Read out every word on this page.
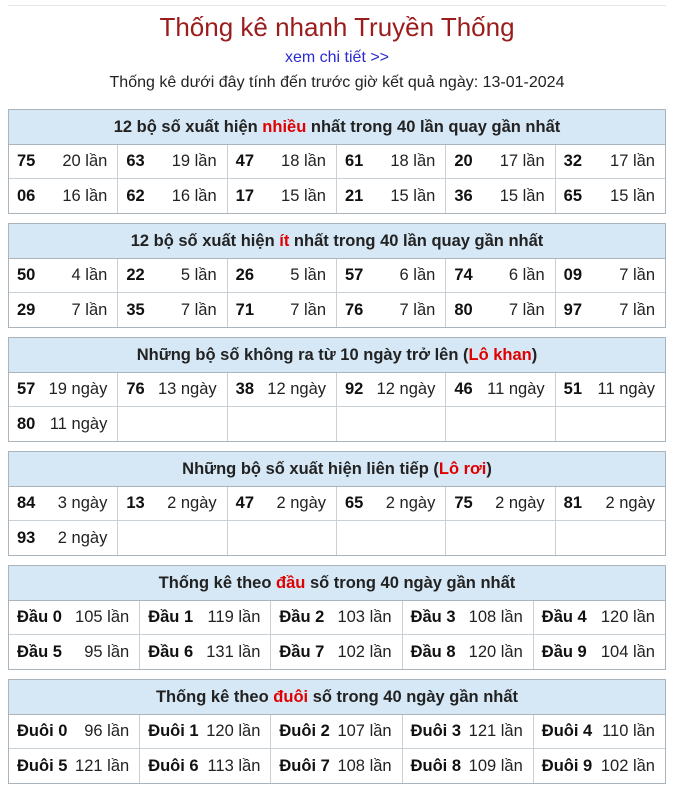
Thống kê nhanh Truyền Thống
xem chi tiết >>
Thống kê dưới đây tính đến trước giờ kết quả ngày: 13-01-2024
12 bộ số xuất hiện nhiều nhất trong 40 lần quay gần nhất
75 20 lần 63 19 lần 47 18 lần 61 18 lần 20 17 lần 32 17 lần
06 16 lần 62 16 lần 17 15 lần 21 15 lần 36 15 lần 65 15 lần
12 bộ số xuất hiện ít nhất trong 40 lần quay gần nhất
50 4 lần 22 5 lần 26 5 lần 57 6 lần 74 6 lần 09 7 lần
29 7 lần 35 7 lần 71 7 lần 76 7 lần 80 7 lần 97 7 lần
Những bộ số không ra từ 10 ngày trở lên (Lô khan)
57 19 ngày 76 13 ngày 38 12 ngày 92 12 ngày 46 11 ngày 51 11 ngày
80 11 ngày
Những bộ số xuất hiện liên tiếp (Lô rơi)
84 3 ngày 13 2 ngày 47 2 ngày 65 2 ngày 75 2 ngày 81 2 ngày
93 2 ngày
Thống kê theo đầu số trong 40 ngày gần nhất
Đầu 0 105 lần Đầu 1 119 lần Đầu 2 103 lần Đầu 3 108 lần Đầu 4 120 lần
Đầu 5 95 lần Đầu 6 131 lần Đầu 7 102 lần Đầu 8 120 lần Đầu 9 104 lần
Thống kê theo đuôi số trong 40 ngày gần nhất
Đuôi 0 96 lần Đuôi 1 120 lần Đuôi 2 107 lần Đuôi 3 121 lần Đuôi 4 110 lần
Đuôi 5 121 lần Đuôi 6 113 lần Đuôi 7 108 lần Đuôi 8 109 lần Đuôi 9 102 lần
